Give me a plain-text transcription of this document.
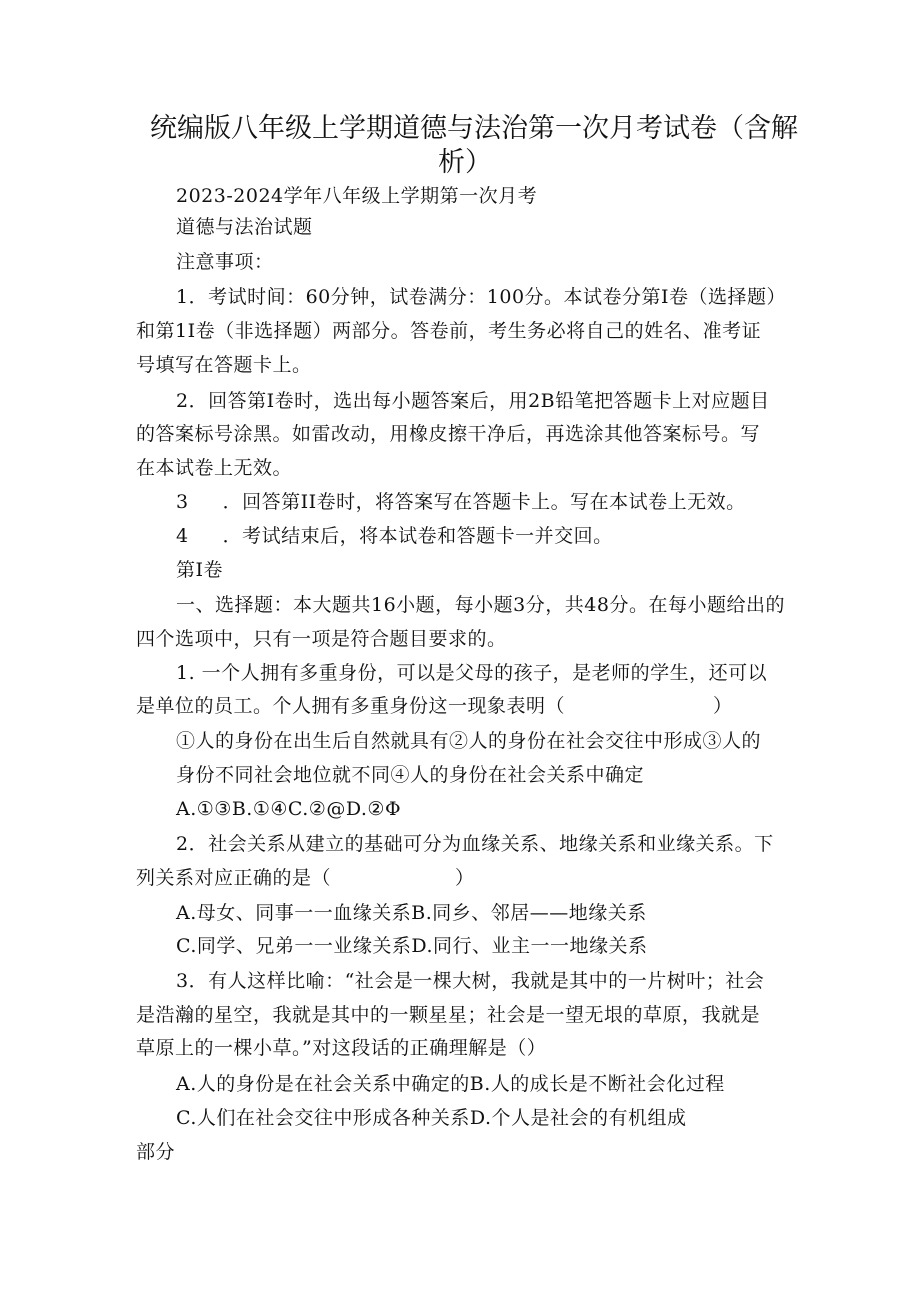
统编版八年级上学期道德与法治第一次月考试卷（含解
析）
2023-2024学年八年级上学期第一次月考
道德与法治试题
注意事项：
1．考试时间：60分钟，试卷满分：100分。本试卷分第I卷（选择题）
和第1I卷（非选择题）两部分。答卷前，考生务必将自己的姓名、准考证
号填写在答题卡上。
2．回答第I卷时，选出每小题答案后，用2B铅笔把答题卡上对应题目
的答案标号涂黑。如雷改动，用橡皮擦干净后，再选涂其他答案标号。写
在本试卷上无效。
3 ．回答第II卷时，将答案写在答题卡上。写在本试卷上无效。
4 ．考试结束后，将本试卷和答题卡一并交回。
第I卷
一、选择题：本大题共16小题，每小题3分，共48分。在每小题给出的
四个选项中，只有一项是符合题目要求的。
1. 一个人拥有多重身份，可以是父母的孩子，是老师的学生，还可以
是单位的员工。个人拥有多重身份这一现象表明（	）
①人的身份在出生后自然就具有②人的身份在社会交往中形成③人的
身份不同社会地位就不同④人的身份在社会关系中确定
A.①③B.①④C.②@D.②Φ
2．社会关系从建立的基础可分为血缘关系、地缘关系和业缘关系。下
列关系对应正确的是（	）
A.母女、同事一一血缘关系B.同乡、邻居——地缘关系
C.同学、兄弟一一业缘关系D.同行、业主一一地缘关系
3．有人这样比喻：“社会是一棵大树，我就是其中的一片树叶；社会
是浩瀚的星空，我就是其中的一颗星星；社会是一望无垠的草原，我就是
草原上的一棵小草。”对这段话的正确理解是（）
A.人的身份是在社会关系中确定的B.人的成长是不断社会化过程
C.人们在社会交往中形成各种关系D.个人是社会的有机组成
部分
